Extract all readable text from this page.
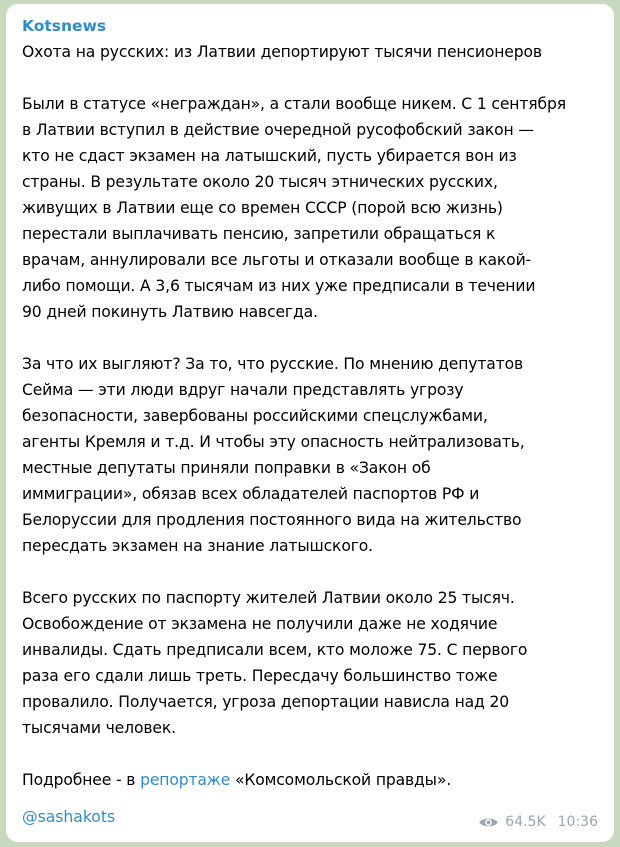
Kotsnews

Охота на русских: из Латвии депортируют тысячи пенсионеров

Были в статусе «неграждан», а стали вообще никем. С 1 сентября
в Латвии вступил в действие очередной русофобский закон —
кто не сдаст экзамен на латышский, пусть убирается вон из
страны. В результате около 20 тысяч этнических русских,
живущих в Латвии еще со времен СССР (порой всю жизнь)
перестали выплачивать пенсию, запретили обращаться к
врачам, аннулировали все льготы и отказали вообще в какой-
либо помощи. А 3,6 тысячам из них уже предписали в течении
90 дней покинуть Латвию навсегда.

За что их выгляют? За то, что русские. По мнению депутатов
Сейма — эти люди вдруг начали представлять угрозу
безопасности, завербованы российскими спецслужбами,
агенты Кремля и т.д. И чтобы эту опасность нейтрализовать,
местные депутаты приняли поправки в «Закон об
иммиграции», обязав всех обладателей паспортов РФ и
Белоруссии для продления постоянного вида на жительство
пересдать экзамен на знание латышского.

Всего русских по паспорту жителей Латвии около 25 тысяч.
Освобождение от экзамена не получили даже не ходячие
инвалиды. Сдать предписали всем, кто моложе 75. С первого
раза его сдали лишь треть. Пересдачу большинство тоже
провалило. Получается, угроза депортации нависла над 20
тысячами человек.

Подробнее - в репортаже «Комсомольской правды».

@sashakots	64.5K 10:36
